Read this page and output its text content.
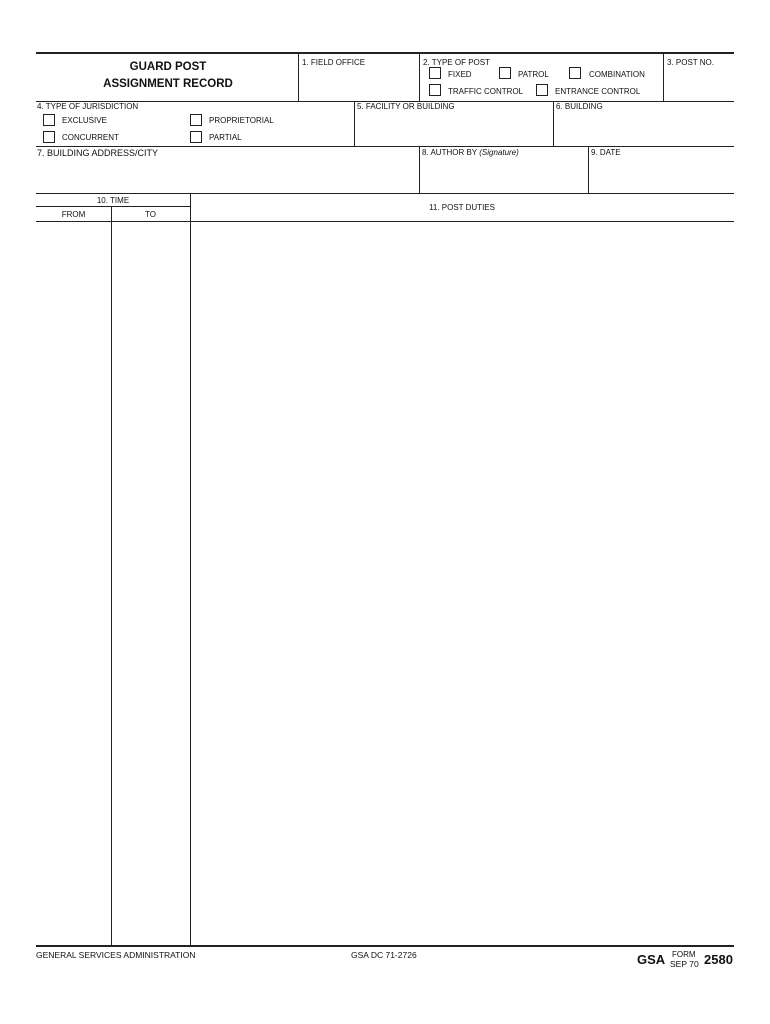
GUARD POST
ASSIGNMENT RECORD
1. FIELD OFFICE	2. TYPE OF POST	3. POST NO.
FIXED	PATROL	COMBINATION
TRAFFIC CONTROL	ENTRANCE CONTROL
4. TYPE OF JURISDICTION
EXCLUSIVE	PROPRIETORIAL
CONCURRENT	PARTIAL
5. FACILITY OR BUILDING	6. BUILDING
7. BUILDING ADDRESS/CITY	8. AUTHOR BY (Signature)	9. DATE
10. TIME
FROM	TO
11. POST DUTIES
GENERAL SERVICES ADMINISTRATION	GSA DC 71-2726	GSA FORM
SEP 70 2580
